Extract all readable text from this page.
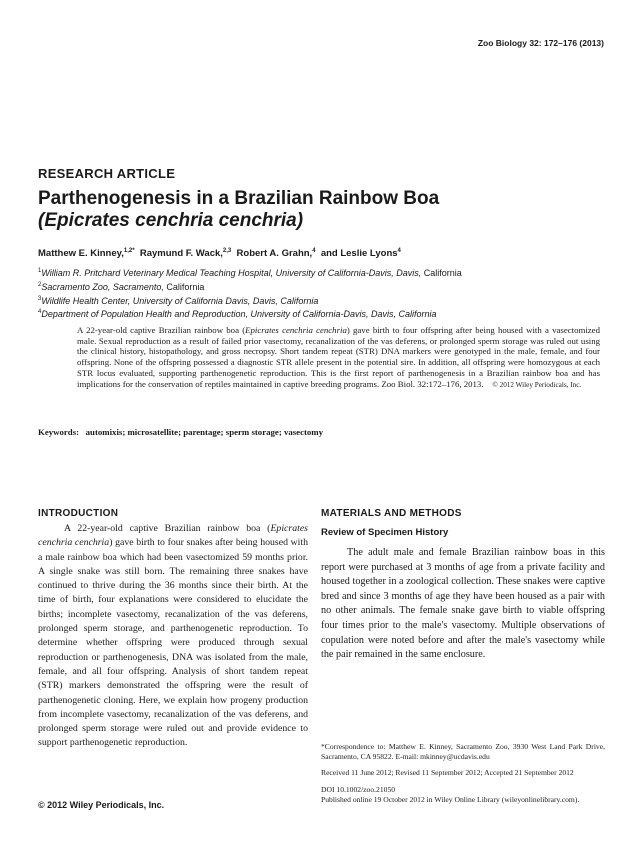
Zoo Biology 32: 172–176 (2013)
RESEARCH ARTICLE
Parthenogenesis in a Brazilian Rainbow Boa
(Epicrates cenchria cenchria)
Matthew E. Kinney,$^{1,2*}$ Raymund F. Wack,$^{2,3}$ Robert A. Grahn,$^4$ and Leslie Lyons$^4$
$^1$William R. Pritchard Veterinary Medical Teaching Hospital, University of California-Davis, Davis, California
$^2$Sacramento Zoo, Sacramento, California
$^3$Wildlife Health Center, University of California Davis, Davis, California
$^4$Department of Population Health and Reproduction, University of California-Davis, Davis, California
A 22-year-old captive Brazilian rainbow boa (Epicrates cenchria cenchria) gave birth to four offspring after being housed with a vasectomized male. Sexual reproduction as a result of failed prior vasectomy, recanalization of the vas deferens, or prolonged sperm storage was ruled out using the clinical history, histopathology, and gross necropsy. Short tandem repeat (STR) DNA markers were genotyped in the male, female, and four offspring. None of the offspring possessed a diagnostic STR allele present in the potential sire. In addition, all offspring were homozygous at each STR locus evaluated, supporting parthenogenetic reproduction. This is the first report of parthenogenesis in a Brazilian rainbow boa and has implications for the conservation of reptiles maintained in captive breeding programs. Zoo Biol. 32:172–176, 2013. © 2012 Wiley Periodicals, Inc.
Keywords: automixis; microsatellite; parentage; sperm storage; vasectomy
INTRODUCTION

A 22-year-old captive Brazilian rainbow boa (Epicrates cenchria cenchria) gave birth to four snakes after being housed with a male rainbow boa which had been vasectomized 59 months prior. A single snake was still born. The remaining three snakes have continued to thrive during the 36 months since their birth. At the time of birth, four explanations were considered to elucidate the births; incomplete vasectomy, recanalization of the vas deferens, prolonged sperm storage, and parthenogenetic reproduction. To determine whether offspring were produced through sexual reproduction or parthenogenesis, DNA was isolated from the male, female, and all four offspring. Analysis of short tandem repeat (STR) markers demonstrated the offspring were the result of parthenogenetic cloning. Here, we explain how progeny production from incomplete vasectomy, recanalization of the vas deferens, and prolonged sperm storage were ruled out and provide evidence to support parthenogenetic reproduction.

MATERIALS AND METHODS
Review of Specimen History

The adult male and female Brazilian rainbow boas in this report were purchased at 3 months of age from a private facility and housed together in a zoological collection. These snakes were captive bred and since 3 months of age they have been housed as a pair with no other animals. The female snake gave birth to viable offspring four times prior to the male's vasectomy. Multiple observations of copulation were noted before and after the male's vasectomy while the pair remained in the same enclosure.

*Correspondence to: Matthew E. Kinney, Sacramento Zoo, 3930 West Land Park Drive, Sacramento, CA 95822. E-mail: mkinney@ucdavis.edu

Received 11 June 2012; Revised 11 September 2012; Accepted 21 September 2012

DOI 10.1002/zoo.21050

Published online 19 October 2012 in Wiley Online Library (wileyonlinelibrary.com).

© 2012 Wiley Periodicals, Inc.
